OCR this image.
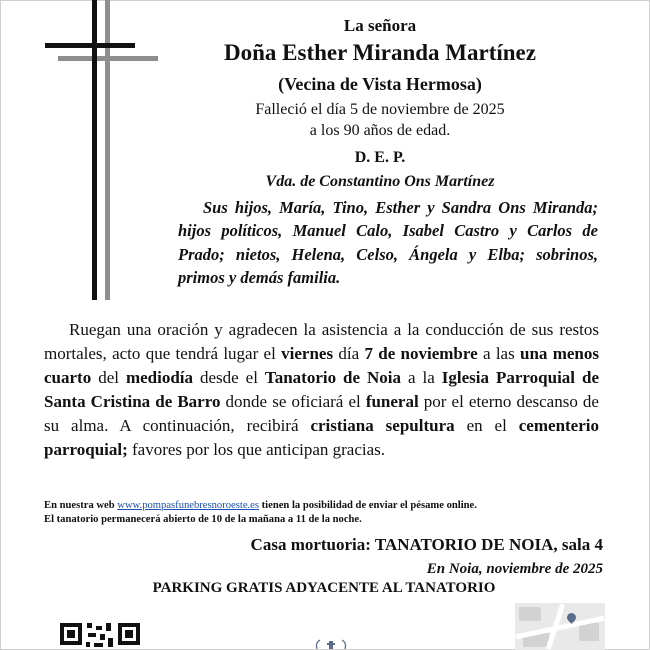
La señora
Doña Esther Miranda Martínez
(Vecina de Vista Hermosa)
Falleció el día 5 de noviembre de 2025
a los 90 años de edad.
D. E. P.
Vda. de Constantino Ons Martínez
Sus hijos, María, Tino, Esther y Sandra Ons Miranda; hijos políticos, Manuel Calo, Isabel Castro y Carlos de Prado; nietos, Helena, Celso, Ángela y Elba; sobrinos, primos y demás familia.
Ruegan una oración y agradecen la asistencia a la conducción de sus restos mortales, acto que tendrá lugar el viernes día 7 de noviembre a las una menos cuarto del mediodía desde el Tanatorio de Noia a la Iglesia Parroquial de Santa Cristina de Barro donde se oficiará el funeral por el eterno descanso de su alma. A continuación, recibirá cristiana sepultura en el cementerio parroquial; favores por los que anticipan gracias.
En nuestra web www.pompasfunebresnoroeste.es tienen la posibilidad de enviar el pésame online.
El tanatorio permanecerá abierto de 10 de la mañana a 11 de la noche.
Casa mortuoria: TANATORIO DE NOIA, sala 4
En Noia, noviembre de 2025
PARKING GRATIS ADYACENTE AL TANATORIO
